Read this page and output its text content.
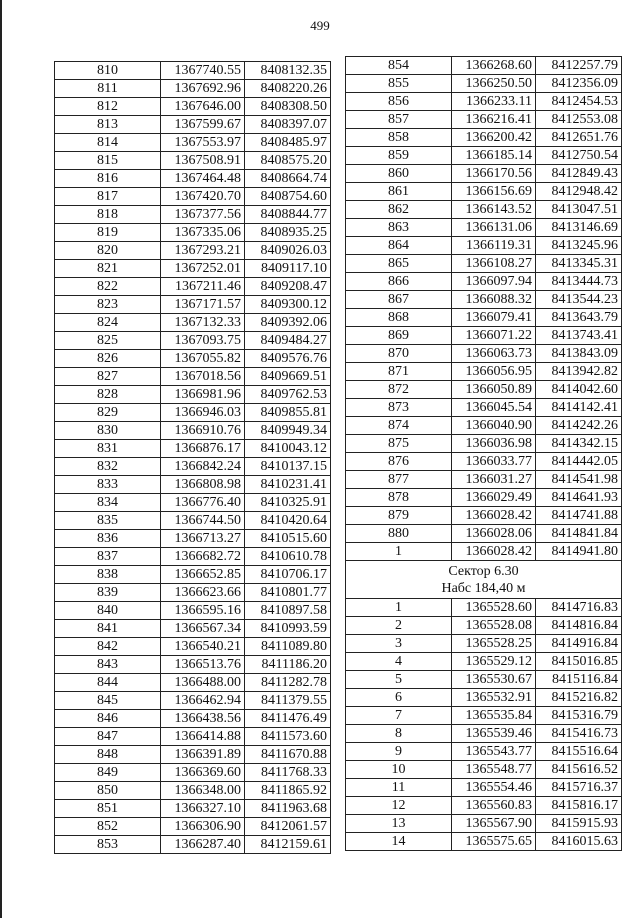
499
810	1367740.55	8408132.35
811	1367692.96	8408220.26
812	1367646.00	8408308.50
813	1367599.67	8408397.07
814	1367553.97	8408485.97
815	1367508.91	8408575.20
816	1367464.48	8408664.74
817	1367420.70	8408754.60
818	1367377.56	8408844.77
819	1367335.06	8408935.25
820	1367293.21	8409026.03
821	1367252.01	8409117.10
822	1367211.46	8409208.47
823	1367171.57	8409300.12
824	1367132.33	8409392.06
825	1367093.75	8409484.27
826	1367055.82	8409576.76
827	1367018.56	8409669.51
828	1366981.96	8409762.53
829	1366946.03	8409855.81
830	1366910.76	8409949.34
831	1366876.17	8410043.12
832	1366842.24	8410137.15
833	1366808.98	8410231.41
834	1366776.40	8410325.91
835	1366744.50	8410420.64
836	1366713.27	8410515.60
837	1366682.72	8410610.78
838	1366652.85	8410706.17
839	1366623.66	8410801.77
840	1366595.16	8410897.58
841	1366567.34	8410993.59
842	1366540.21	8411089.80
843	1366513.76	8411186.20
844	1366488.00	8411282.78
845	1366462.94	8411379.55
846	1366438.56	8411476.49
847	1366414.88	8411573.60
848	1366391.89	8411670.88
849	1366369.60	8411768.33
850	1366348.00	8411865.92
851	1366327.10	8411963.68
852	1366306.90	8412061.57
853	1366287.40	8412159.61
854	1366268.60	8412257.79
855	1366250.50	8412356.09
856	1366233.11	8412454.53
857	1366216.41	8412553.08
858	1366200.42	8412651.76
859	1366185.14	8412750.54
860	1366170.56	8412849.43
861	1366156.69	8412948.42
862	1366143.52	8413047.51
863	1366131.06	8413146.69
864	1366119.31	8413245.96
865	1366108.27	8413345.31
866	1366097.94	8413444.73
867	1366088.32	8413544.23
868	1366079.41	8413643.79
869	1366071.22	8413743.41
870	1366063.73	8413843.09
871	1366056.95	8413942.82
872	1366050.89	8414042.60
873	1366045.54	8414142.41
874	1366040.90	8414242.26
875	1366036.98	8414342.15
876	1366033.77	8414442.05
877	1366031.27	8414541.98
878	1366029.49	8414641.93
879	1366028.42	8414741.88
880	1366028.06	8414841.84
1	1366028.42	8414941.80

Сектор 6.30
Набс 184,40 м		

1	1365528.60	8414716.83
2	1365528.08	8414816.84
3	1365528.25	8414916.84
4	1365529.12	8415016.85
5	1365530.67	8415116.84
6	1365532.91	8415216.82
7	1365535.84	8415316.79
8	1365539.46	8415416.73
9	1365543.77	8415516.64
10	1365548.77	8415616.52
11	1365554.46	8415716.37
12	1365560.83	8415816.17
13	1365567.90	8415915.93
14	1365575.65	8416015.63
